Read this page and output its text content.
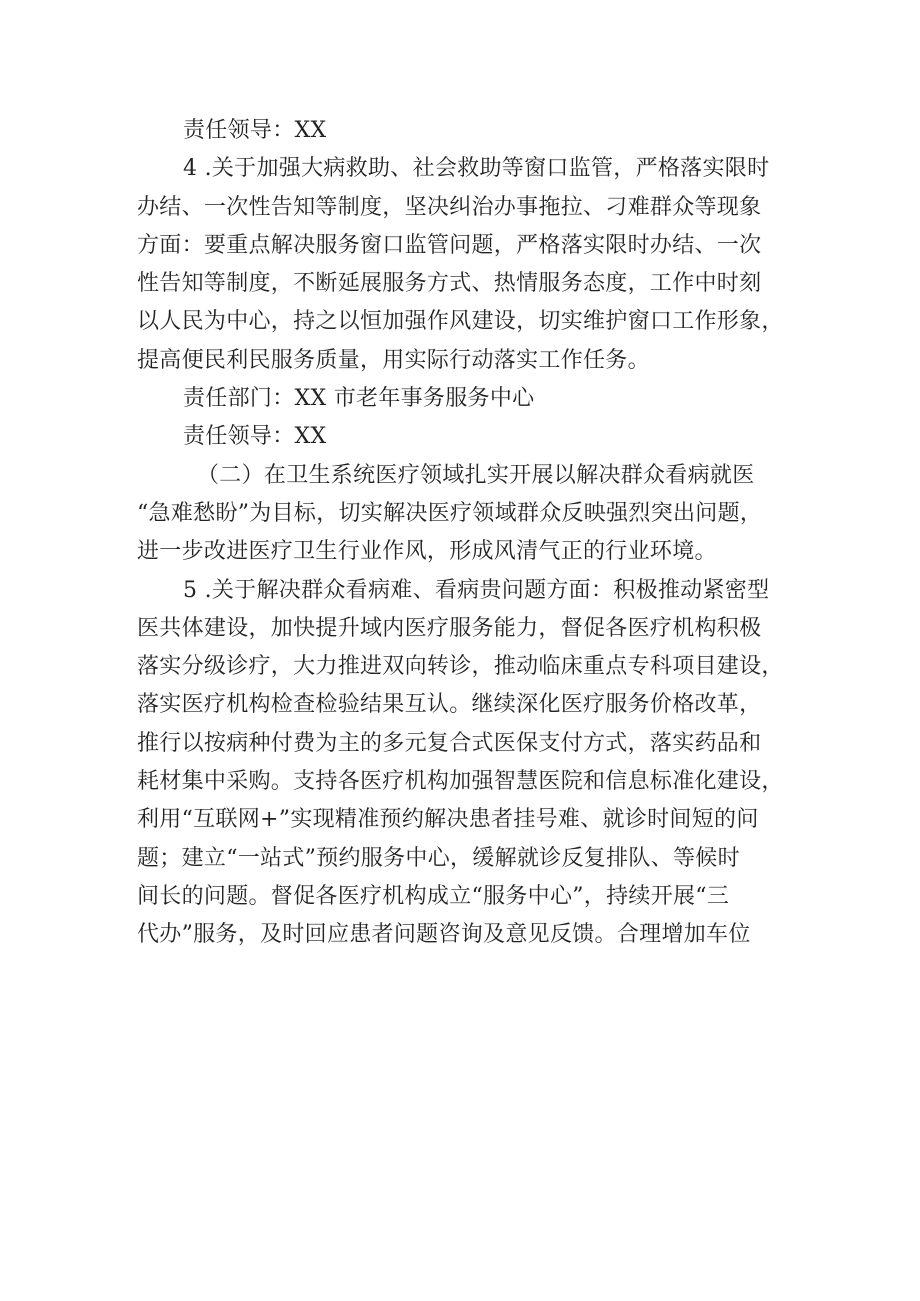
责任领导：XX
4 .关于加强大病救助、社会救助等窗口监管，严格落实限时
办结、一次性告知等制度，坚决纠治办事拖拉、刁难群众等现象
方面：要重点解决服务窗口监管问题，严格落实限时办结、一次
性告知等制度，不断延展服务方式、热情服务态度，工作中时刻
以人民为中心，持之以恒加强作风建设，切实维护窗口工作形象，
提高便民利民服务质量，用实际行动落实工作任务。
责任部门：XX 市老年事务服务中心
责任领导：XX
（二）在卫生系统医疗领域扎实开展以解决群众看病就医
“急难愁盼”为目标，切实解决医疗领域群众反映强烈突出问题，
进一步改进医疗卫生行业作风，形成风清气正的行业环境。
5 .关于解决群众看病难、看病贵问题方面：积极推动紧密型
医共体建设，加快提升域内医疗服务能力，督促各医疗机构积极
落实分级诊疗，大力推进双向转诊，推动临床重点专科项目建设，
落实医疗机构检查检验结果互认。继续深化医疗服务价格改革，
推行以按病种付费为主的多元复合式医保支付方式，落实药品和
耗材集中采购。支持各医疗机构加强智慧医院和信息标准化建设，
利用“互联网+”实现精准预约解决患者挂号难、就诊时间短的问
题；建立“一站式”预约服务中心，缓解就诊反复排队、等候时
间长的问题。督促各医疗机构成立“服务中心”，持续开展“三
代办”服务，及时回应患者问题咨询及意见反馈。合理增加车位
